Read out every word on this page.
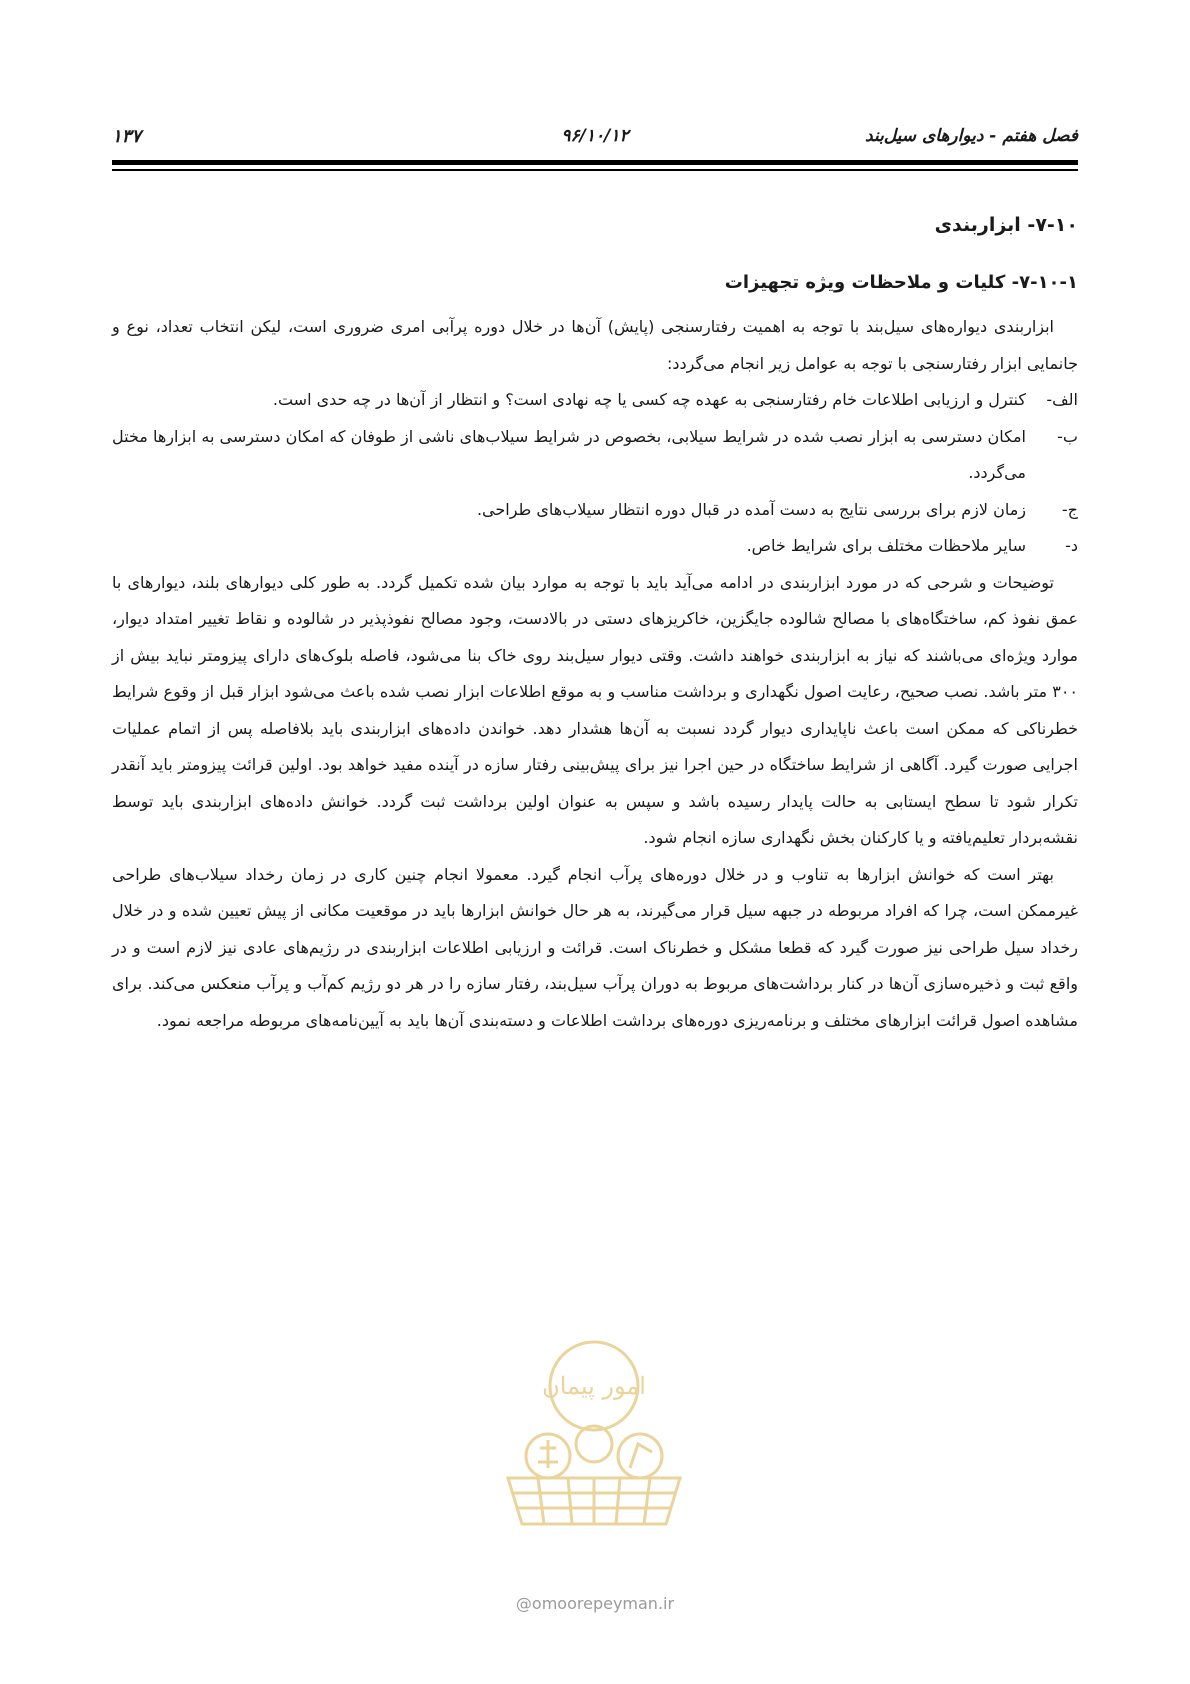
فصل هفتم - دیوارهای سیل‌بند
۹۶/۱۰/۱۲
۱۳۷
۷-۱۰- ابزاربندی
۷-۱۰-۱- کلیات و ملاحظات ویژه تجهیزات

ابزاربندی دیواره‌های سیل‌بند با توجه به اهمیت رفتارسنجی (پایش) آن‌ها در خلال دوره پرآبی امری ضروری است، لیکن انتخاب تعداد، نوع و جانمایی ابزار رفتارسنجی با توجه به عوامل زیر انجام می‌گردد:

الف-
کنترل و ارزیابی اطلاعات خام رفتارسنجی به عهده چه کسی یا چه نهادی است؟ و انتظار از آن‌ها در چه حدی است.
ب-
امکان دسترسی به ابزار نصب شده در شرایط سیلابی، بخصوص در شرایط سیلاب‌های ناشی از طوفان که امکان دسترسی به ابزارها مختل می‌گردد.
ج-
زمان لازم برای بررسی نتایج به دست آمده در قبال دوره انتظار سیلاب‌های طراحی.
د-
سایر ملاحظات مختلف برای شرایط خاص.

توضیحات و شرحی که در مورد ابزاربندی در ادامه می‌آید باید با توجه به موارد بیان شده تکمیل گردد. به طور کلی دیوارهای بلند، دیوارهای با عمق نفوذ کم، ساختگاه‌های با مصالح شالوده جایگزین، خاکریزهای دستی در بالادست، وجود مصالح نفوذپذیر در شالوده و نقاط تغییر امتداد دیوار، موارد ویژه‌ای می‌باشند که نیاز به ابزاربندی خواهند داشت. وقتی دیوار سیل‌بند روی خاک بنا می‌شود، فاصله بلوک‌های دارای پیزومتر نباید بیش از ۳۰۰ متر باشد. نصب صحیح، رعایت اصول نگهداری و برداشت مناسب و به موقع اطلاعات ابزار نصب شده باعث می‌شود ابزار قبل از وقوع شرایط خطرناکی که ممکن است باعث ناپایداری دیوار گردد نسبت به آن‌ها هشدار دهد. خواندن داده‌های ابزاربندی باید بلافاصله پس از اتمام عملیات اجرایی صورت گیرد. آگاهی از شرایط ساختگاه در حین اجرا نیز برای پیش‌بینی رفتار سازه در آینده مفید خواهد بود. اولین قرائت پیزومتر باید آنقدر تکرار شود تا سطح ایستابی به حالت پایدار رسیده باشد و سپس به عنوان اولین برداشت ثبت گردد. خوانش داده‌های ابزاربندی باید توسط نقشه‌بردار تعلیم‌یافته و یا کارکنان بخش نگهداری سازه انجام شود.

بهتر است که خوانش ابزارها به تناوب و در خلال دوره‌های پرآب انجام گیرد. معمولا انجام چنین کاری در زمان رخداد سیلاب‌های طراحی غیرممکن است، چرا که افراد مربوطه در جبهه سیل قرار می‌گیرند، به هر حال خوانش ابزارها باید در موقعیت مکانی از پیش تعیین شده و در خلال رخداد سیل طراحی نیز صورت گیرد که قطعا مشکل و خطرناک است. قرائت و ارزیابی اطلاعات ابزاربندی در رژیم‌های عادی نیز لازم است و در واقع ثبت و ذخیره‌سازی آن‌ها در کنار برداشت‌های مربوط به دوران پرآب سیل‌بند، رفتار سازه را در هر دو رژیم کم‌آب و پرآب منعکس می‌کند. برای مشاهده اصول قرائت ابزارهای مختلف و برنامه‌ریزی دوره‌های برداشت اطلاعات و دسته‌بندی آن‌ها باید به آیین‌نامه‌های مربوطه مراجعه نمود.

امور پیمان
@omoorepeyman.ir
